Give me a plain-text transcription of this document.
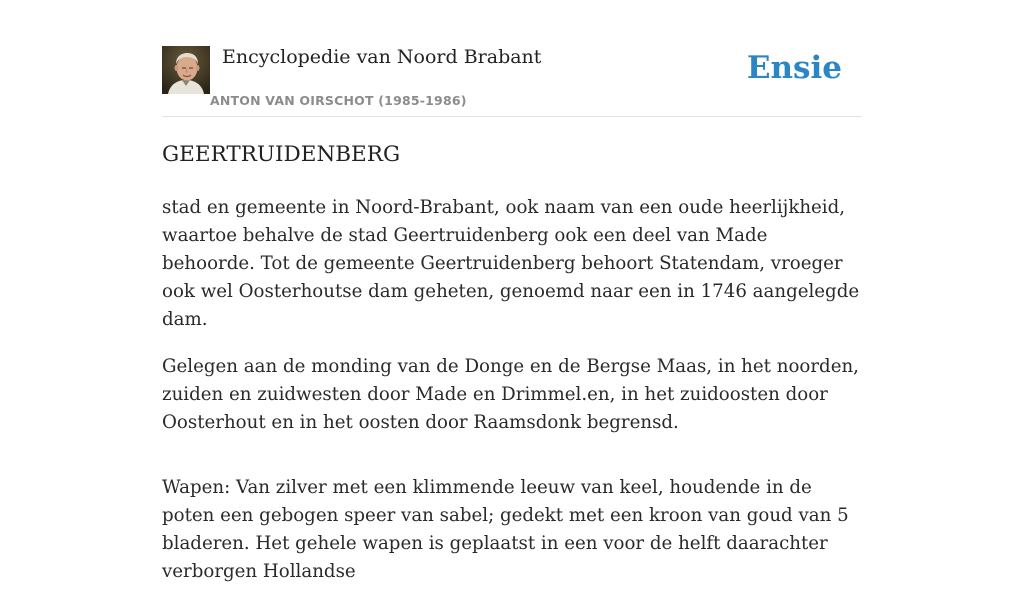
Encyclopedie van Noord Brabant
ANTON VAN OIRSCHOT (1985-1986)
Ensie
GEERTRUIDENBERG

stad en gemeente in Noord-Brabant, ook naam van een oude heerlijkheid, waartoe behalve de stad Geertruidenberg ook een deel van Made behoorde. Tot de gemeente Geertruidenberg behoort Statendam, vroeger ook wel Oosterhoutse dam geheten, genoemd naar een in 1746 aangelegde dam.

Gelegen aan de monding van de Donge en de Bergse Maas, in het noorden, zuiden en zuidwesten door Made en Drimmel.en, in het zuidoosten door Oosterhout en in het oosten door Raamsdonk begrensd.

Wapen: Van zilver met een klimmende leeuw van keel, houdende in de poten een gebogen speer van sabel; gedekt met een kroon van goud van 5 bladeren. Het gehele wapen is geplaatst in een voor de helft daarachter verborgen Hollandse
